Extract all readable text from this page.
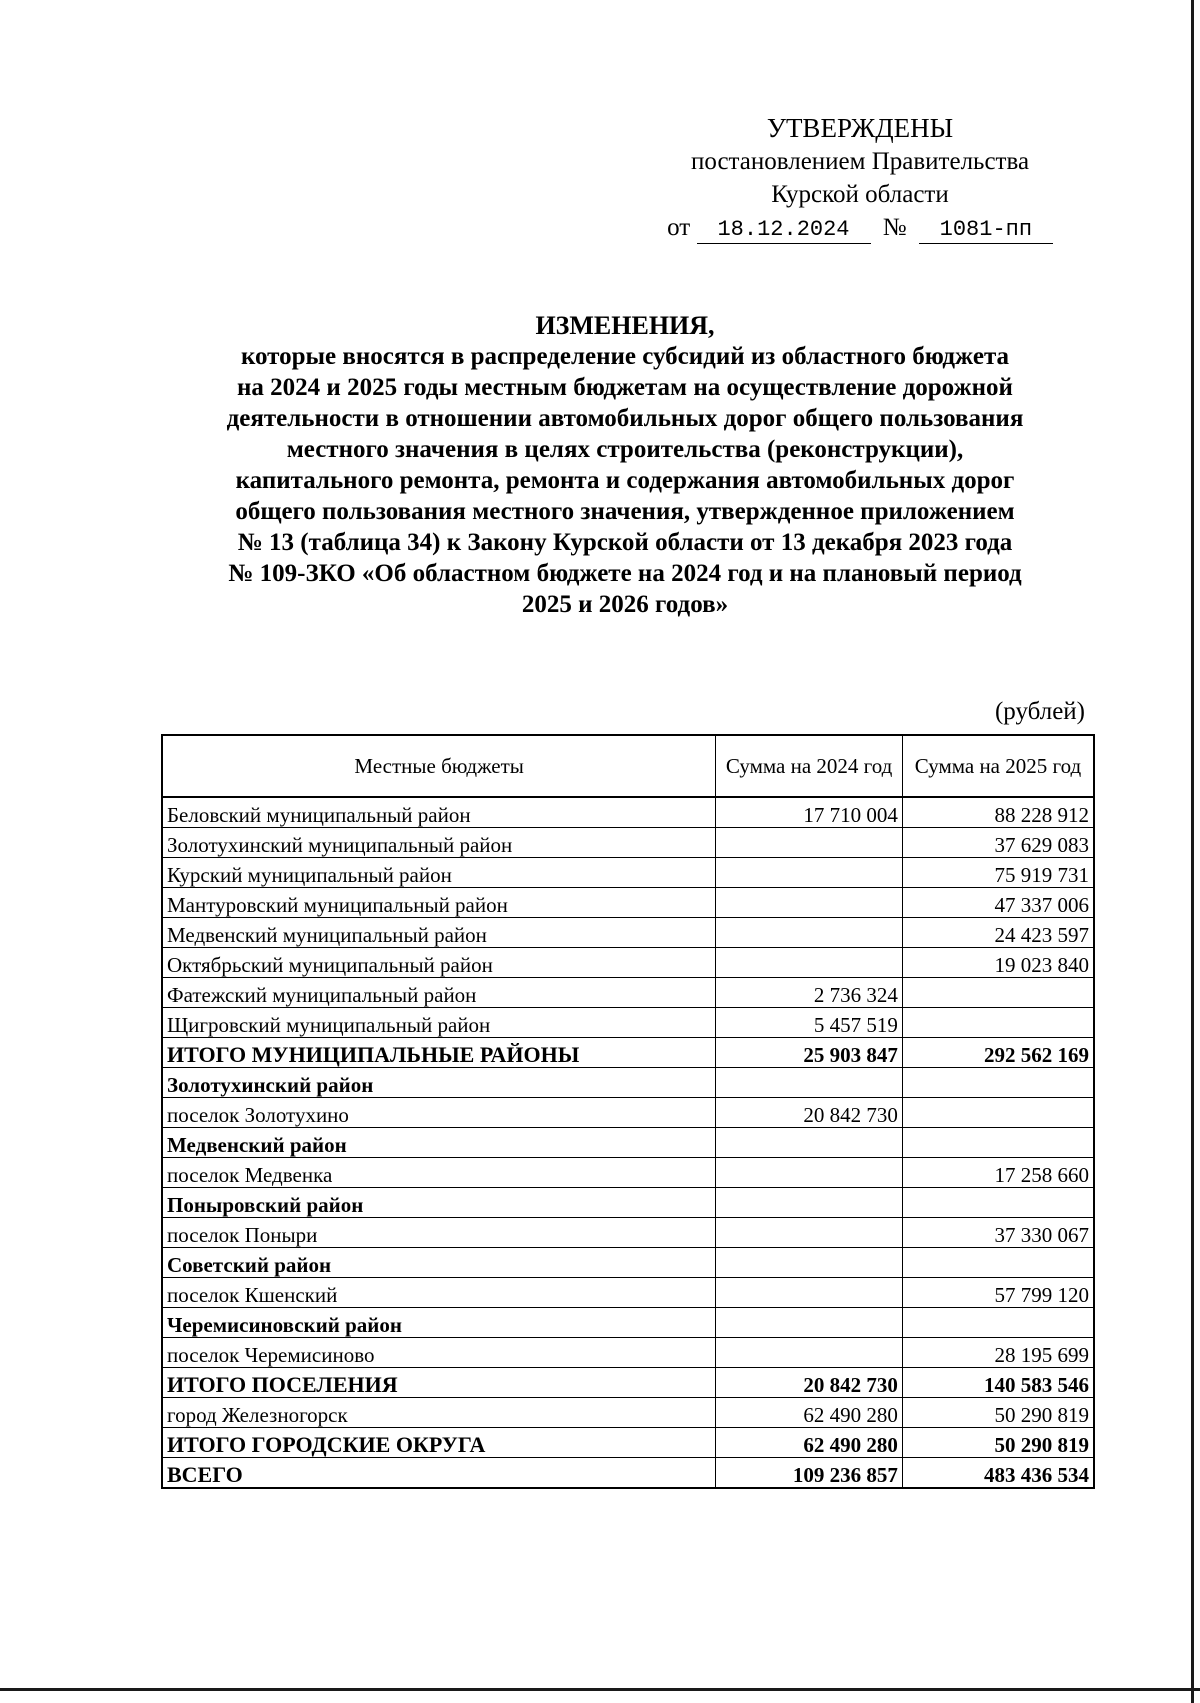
УТВЕРЖДЕНЫ
постановлением Правительства
Курской области
от 18.12.2024 № 1081-пп
ИЗМЕНЕНИЯ,
которые вносятся в распределение субсидий из областного бюджета
на 2024 и 2025 годы местным бюджетам на осуществление дорожной
деятельности в отношении автомобильных дорог общего пользования
местного значения в целях строительства (реконструкции),
капитального ремонта, ремонта и содержания автомобильных дорог
общего пользования местного значения, утвержденное приложением
№ 13 (таблица 34) к Закону Курской области от 13 декабря 2023 года
№ 109-ЗКО «Об областном бюджете на 2024 год и на плановый период
2025 и 2026 годов»
(рублей)
Местные бюджеты	Сумма на 2024 год	Сумма на 2025 год
Беловский муниципальный район	17 710 004	88 228 912
Золотухинский муниципальный район		37 629 083
Курский муниципальный район		75 919 731
Мантуровский муниципальный район		47 337 006
Медвенский муниципальный район		24 423 597
Октябрьский муниципальный район		19 023 840
Фатежский муниципальный район	2 736 324	
Щигровский муниципальный район	5 457 519	
ИТОГО МУНИЦИПАЛЬНЫЕ РАЙОНЫ	25 903 847	292 562 169
Золотухинский район		
поселок Золотухино	20 842 730	
Медвенский район		
поселок Медвенка		17 258 660
Поныровский район		
поселок Поныри		37 330 067
Советский район		
поселок Кшенский		57 799 120
Черемисиновский район		
поселок Черемисиново		28 195 699
ИТОГО ПОСЕЛЕНИЯ	20 842 730	140 583 546
город Железногорск	62 490 280	50 290 819
ИТОГО ГОРОДСКИЕ ОКРУГА	62 490 280	50 290 819
ВСЕГО	109 236 857	483 436 534
